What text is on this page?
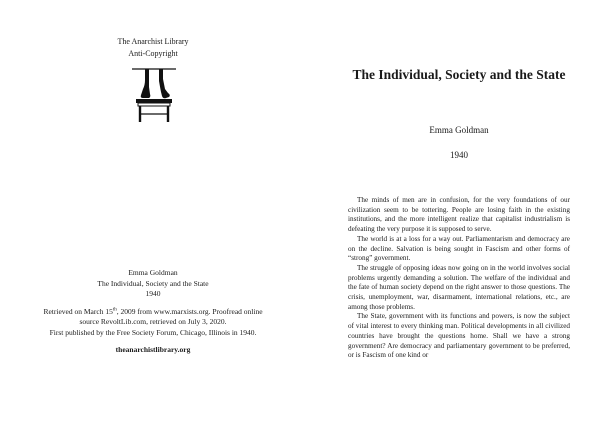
The Anarchist Library
Anti-Copyright

Emma Goldman

The Individual, Society and the State

1940

Retrieved on March 15th, 2009 from www.marxists.org. Proofread online source RevoltLib.com, retrieved on July 3, 2020.

First published by the Free Society Forum, Chicago, Illinois in 1940.

theanarchistlibrary.org

The Individual, Society and the State
Emma Goldman
1940

The minds of men are in confusion, for the very foundations of our civilization seem to be tottering. People are losing faith in the existing institutions, and the more intelligent realize that capitalist industrialism is defeating the very purpose it is supposed to serve.

The world is at a loss for a way out. Parliamentarism and democracy are on the decline. Salvation is being sought in Fascism and other forms of “strong” government.

The struggle of opposing ideas now going on in the world involves social problems urgently demanding a solution. The welfare of the individual and the fate of human society depend on the right answer to those questions. The crisis, unemployment, war, disarmament, international relations, etc., are among those problems.

The State, government with its functions and powers, is now the subject of vital interest to every thinking man. Political developments in all civilized countries have brought the questions home. Shall we have a strong government? Are democracy and parliamentary government to be preferred, or is Fascism of one kind or
